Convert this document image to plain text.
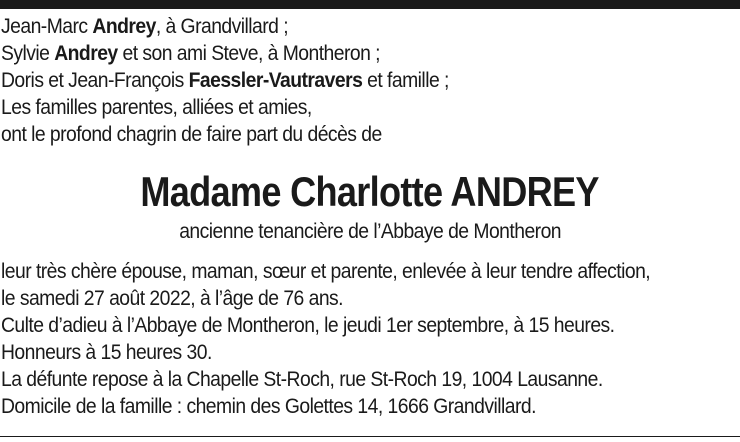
Jean-Marc Andrey, à Grandvillard ;
Sylvie Andrey et son ami Steve, à Montheron ;
Doris et Jean-François Faessler-Vautravers et famille ;
Les familles parentes, alliées et amies,
ont le profond chagrin de faire part du décès de
Madame Charlotte ANDREY
ancienne tenancière de l’Abbaye de Montheron
leur très chère épouse, maman, sœur et parente, enlevée à leur tendre affection,
le samedi 27 août 2022, à l’âge de 76 ans.
Culte d’adieu à l’Abbaye de Montheron, le jeudi 1er septembre, à 15 heures.
Honneurs à 15 heures 30.
La défunte repose à la Chapelle St-Roch, rue St-Roch 19, 1004 Lausanne.
Domicile de la famille : chemin des Golettes 14, 1666 Grandvillard.
